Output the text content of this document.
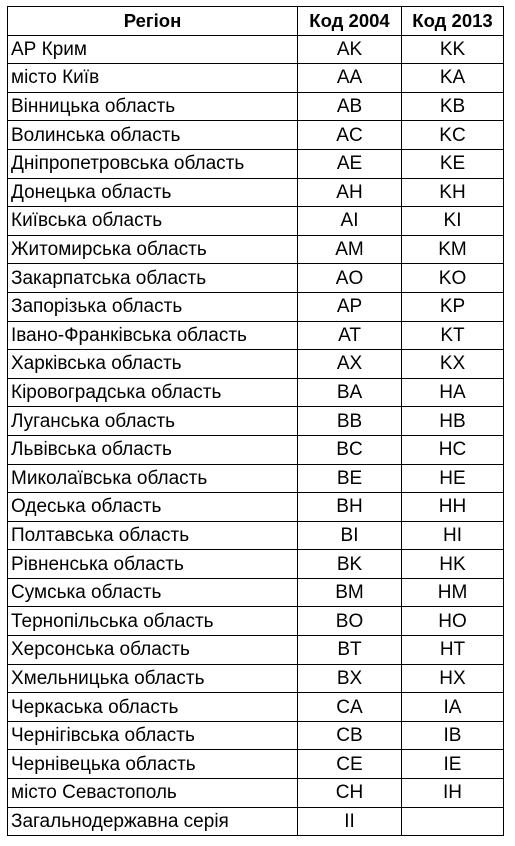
Регіон	Код 2004	Код 2013
АР Крим	AK	KK
місто Київ	AA	KA
Вінницька область	AB	KB
Волинська область	AC	KC
Дніпропетровська область	AE	KE
Донецька область	AH	KH
Київська область	AI	KI
Житомирська область	AM	KM
Закарпатська область	AO	KO
Запорізька область	AP	KP
Івано-Франківська область	AT	KT
Харківська область	AX	KX
Кіровоградська область	BA	HA
Луганська область	BB	HB
Львівська область	BC	HC
Миколаївська область	BE	HE
Одеська область	BH	HH
Полтавська область	BI	HI
Рівненська область	BK	HK
Сумська область	BM	HM
Тернопільська область	BO	HO
Херсонська область	BT	HT
Хмельницька область	BX	HX
Черкаська область	CA	IA
Чернігівська область	CB	IB
Чернівецька область	CE	IE
місто Севастополь	CH	IH
Загальнодержавна серія	II	
